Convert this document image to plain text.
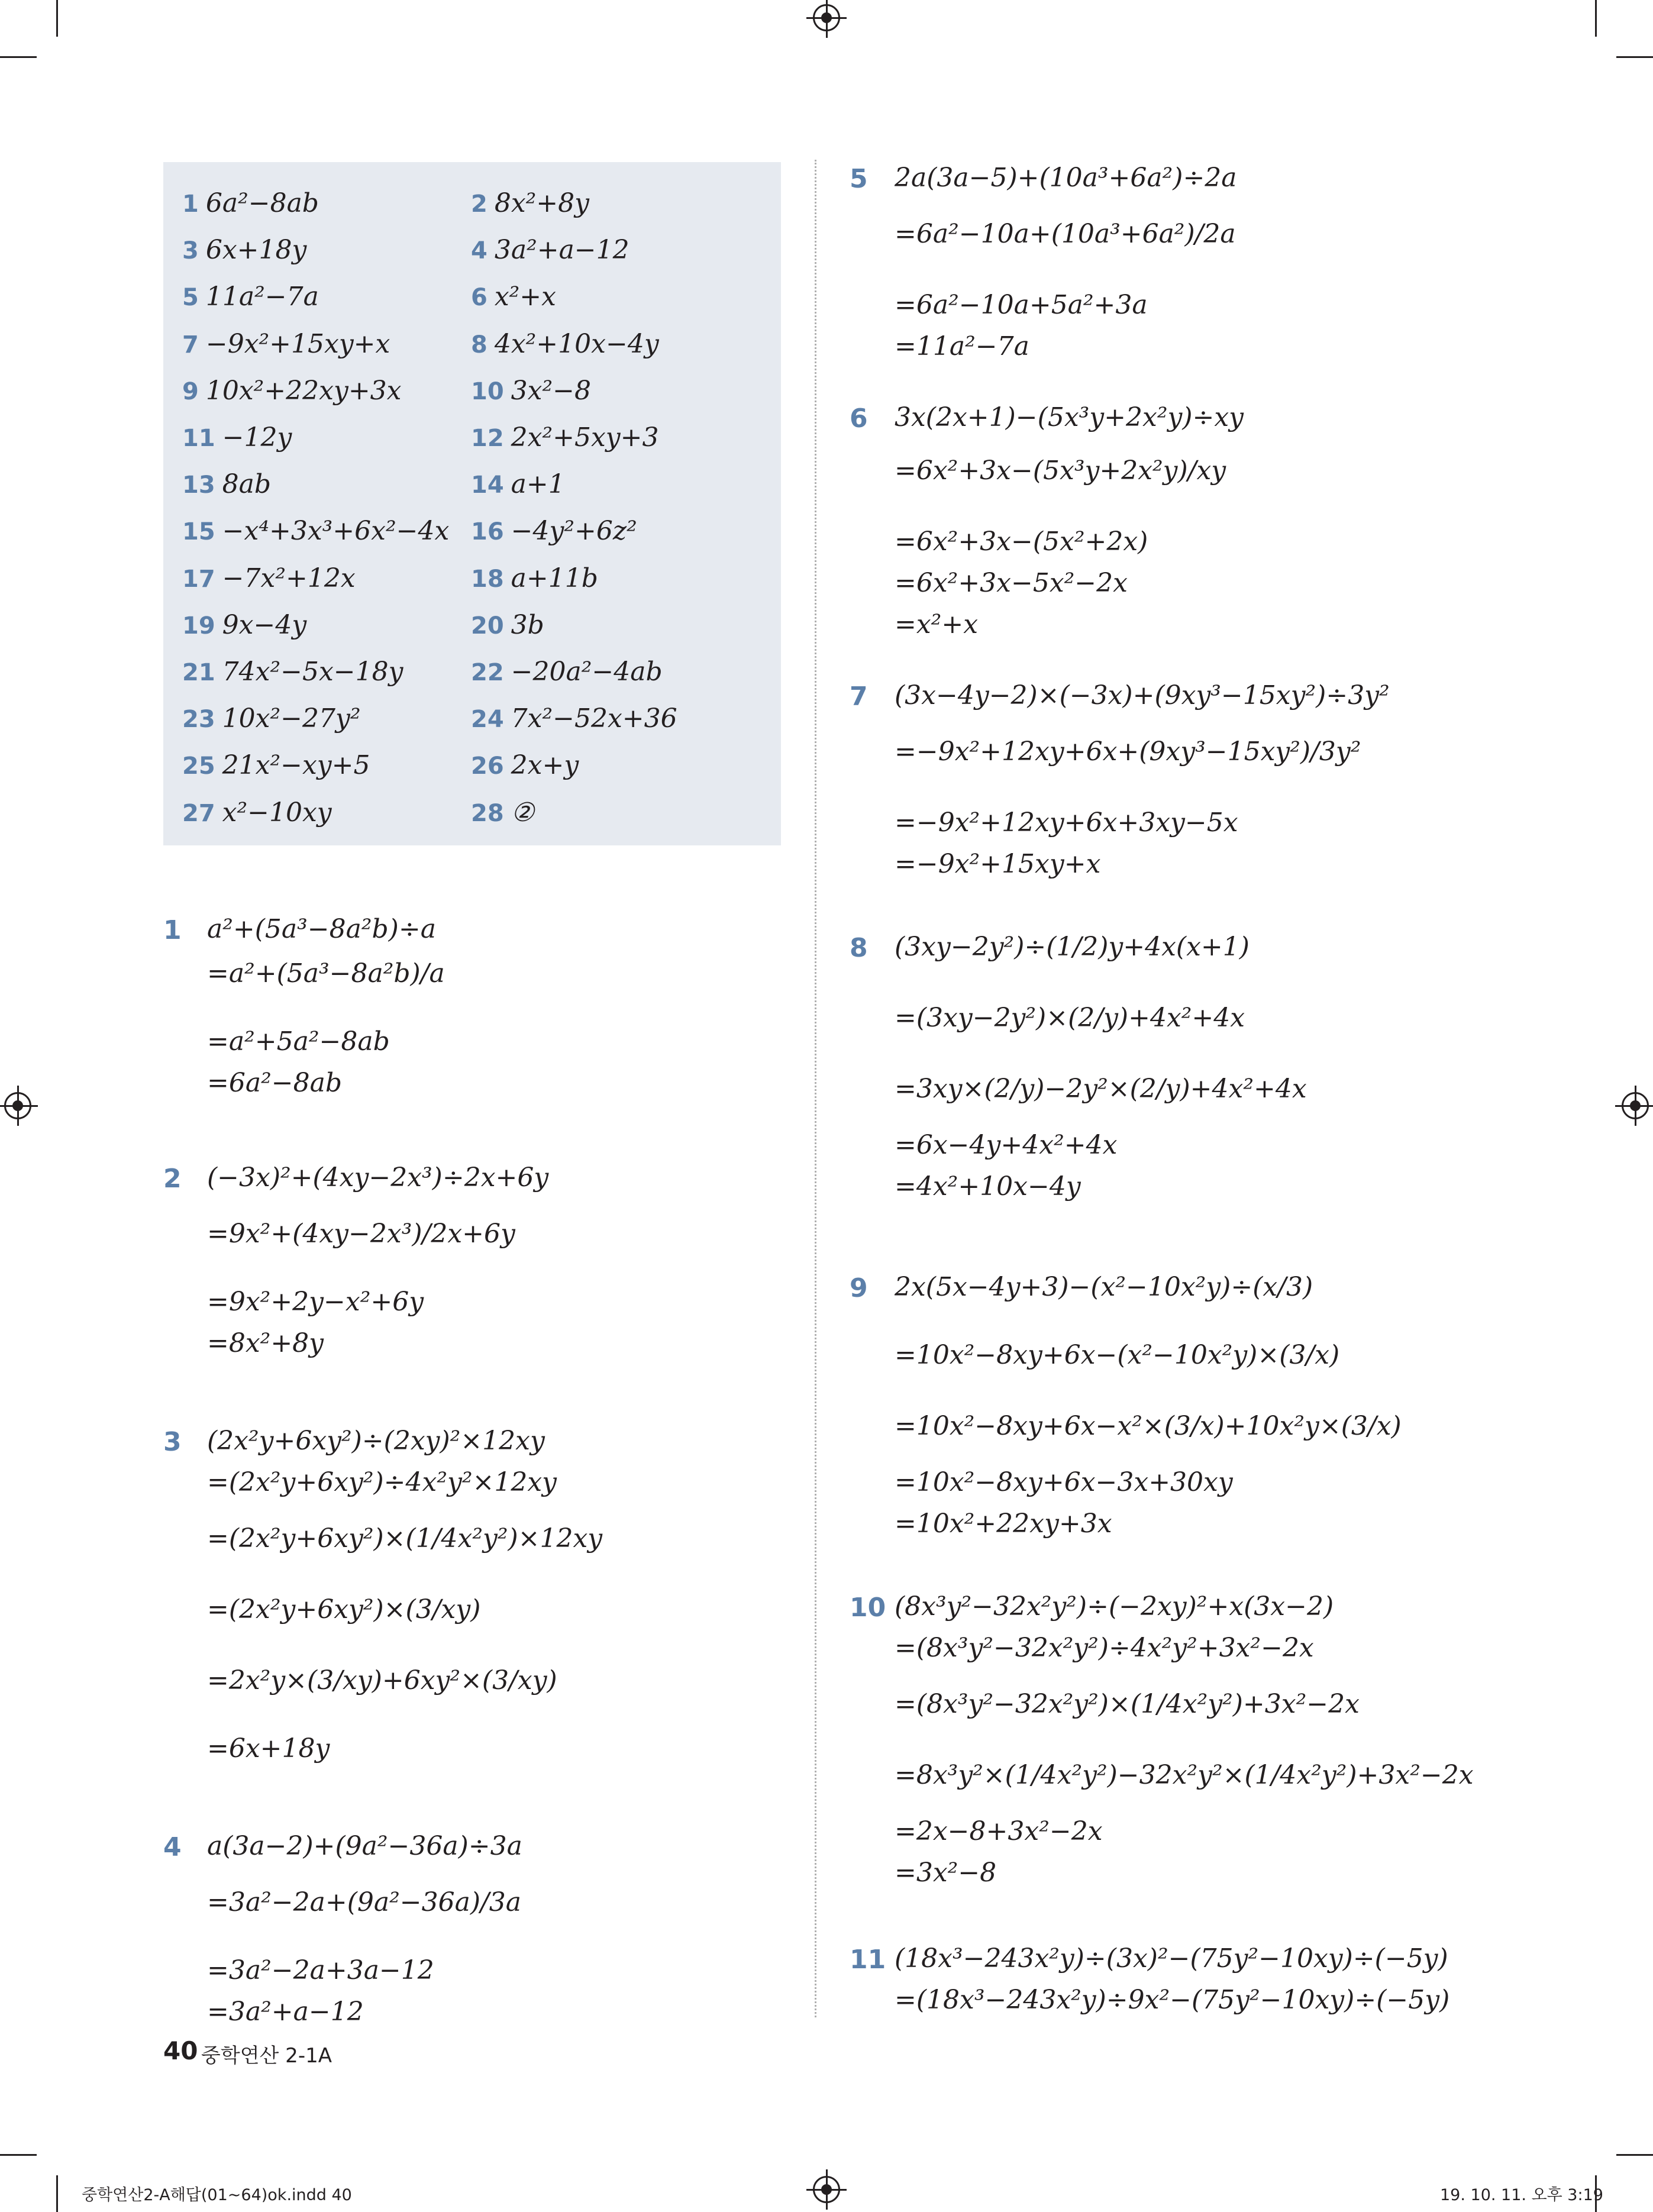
1 6a²−8ab	2 8x²+8y
3 6x+18y	4 3a²+a−12
5 11a²−7a	6 x²+x
7 −9x²+15xy+x	8 4x²+10x−4y
9 10x²+22xy+3x	10 3x²−8
11 −12y	12 2x²+5xy+3
13 8ab	14 a+1
15 −x⁴+3x³+6x²−4x 16 −4y²+6z²
17 −7x²+12x	18 a+11b
19 9x−4y	20 3b
21 74x²−5x−18y	22 −20a²−4ab
23 10x²−27y²	24 7x²−52x+36
25 21x²−xy+5	26 2x+y
27 x²−10xy	28 ②
1 a²+(5a³−8a²b)÷a
=a²+(5a³−8a²b)/a
=a²+5a²−8ab
=6a²−8ab
2 (−3x)²+(4xy−2x³)÷2x+6y
=9x²+(4xy−2x³)/2x+6y
=9x²+2y−x²+6y
=8x²+8y
3 (2x²y+6xy²)÷(2xy)²×12xy
=(2x²y+6xy²)÷4x²y²×12xy
=(2x²y+6xy²)×(1/4x²y²)×12xy
=(2x²y+6xy²)×(3/xy)
=2x²y×(3/xy)+6xy²×(3/xy)
=6x+18y
4 a(3a−2)+(9a²−36a)÷3a
=3a²−2a+(9a²−36a)/3a
=3a²−2a+3a−12
=3a²+a−12
5 2a(3a−5)+(10a³+6a²)÷2a
=6a²−10a+(10a³+6a²)/2a
=6a²−10a+5a²+3a
=11a²−7a
6 3x(2x+1)−(5x³y+2x²y)÷xy
=6x²+3x−(5x³y+2x²y)/xy
=6x²+3x−(5x²+2x)
=6x²+3x−5x²−2x
=x²+x
7 (3x−4y−2)×(−3x)+(9xy³−15xy²)÷3y²
=−9x²+12xy+6x+(9xy³−15xy²)/3y²
=−9x²+12xy+6x+3xy−5x
=−9x²+15xy+x
8 (3xy−2y²)÷(1/2)y+4x(x+1)
=(3xy−2y²)×(2/y)+4x²+4x
=3xy×(2/y)−2y²×(2/y)+4x²+4x
=6x−4y+4x²+4x
=4x²+10x−4y
9 2x(5x−4y+3)−(x²−10x²y)÷(x/3)
=10x²−8xy+6x−(x²−10x²y)×(3/x)
=10x²−8xy+6x−x²×(3/x)+10x²y×(3/x)
=10x²−8xy+6x−3x+30xy
=10x²+22xy+3x
10 (8x³y²−32x²y²)÷(−2xy)²+x(3x−2)
=(8x³y²−32x²y²)÷4x²y²+3x²−2x
=(8x³y²−32x²y²)×(1/4x²y²)+3x²−2x
=8x³y²×(1/4x²y²)−32x²y²×(1/4x²y²)+3x²−2x
=2x−8+3x²−2x
=3x²−8
11 (18x³−243x²y)÷(3x)²−(75y²−10xy)÷(−5y)
=(18x³−243x²y)÷9x²−(75y²−10xy)÷(−5y)
40 중학연산 2-1A
중학연산2-A해답(01~64)ok.indd 40	19. 10. 11. 오후 3:19
